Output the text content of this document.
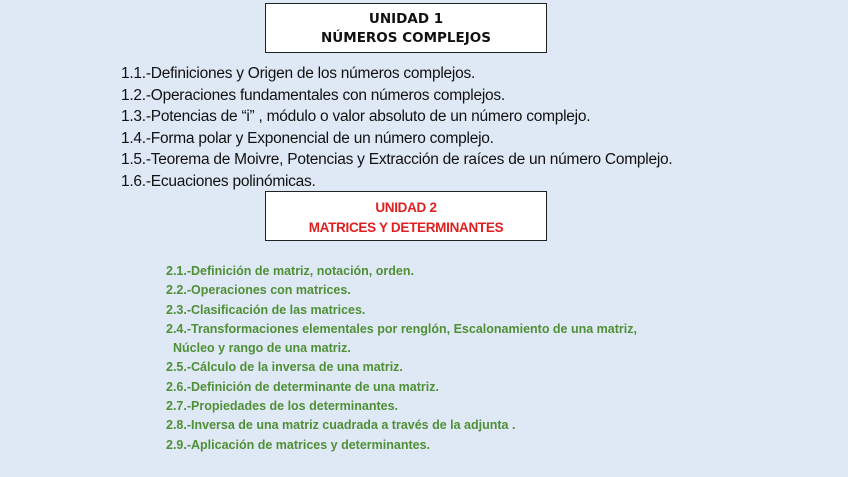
UNIDAD 1
NÚMEROS COMPLEJOS
1.1.-Definiciones y Origen de los números complejos.
1.2.-Operaciones fundamentales con números complejos.
1.3.-Potencias de “i” , módulo o valor absoluto de un número complejo.
1.4.-Forma polar y Exponencial de un número complejo.
1.5.-Teorema de Moivre, Potencias y Extracción de raíces de un número Complejo.
1.6.-Ecuaciones polinómicas.
UNIDAD 2
MATRICES Y DETERMINANTES
2.1.-Definición de matriz, notación, orden.
2.2.-Operaciones con matrices.
2.3.-Clasificación de las matrices.
2.4.-Transformaciones elementales por renglón, Escalonamiento de una matriz,
Núcleo y rango de una matriz.
2.5.-Cálculo de la inversa de una matriz.
2.6.-Definición de determinante de una matriz.
2.7.-Propiedades de los determinantes.
2.8.-Inversa de una matriz cuadrada a través de la adjunta .
2.9.-Aplicación de matrices y determinantes.
